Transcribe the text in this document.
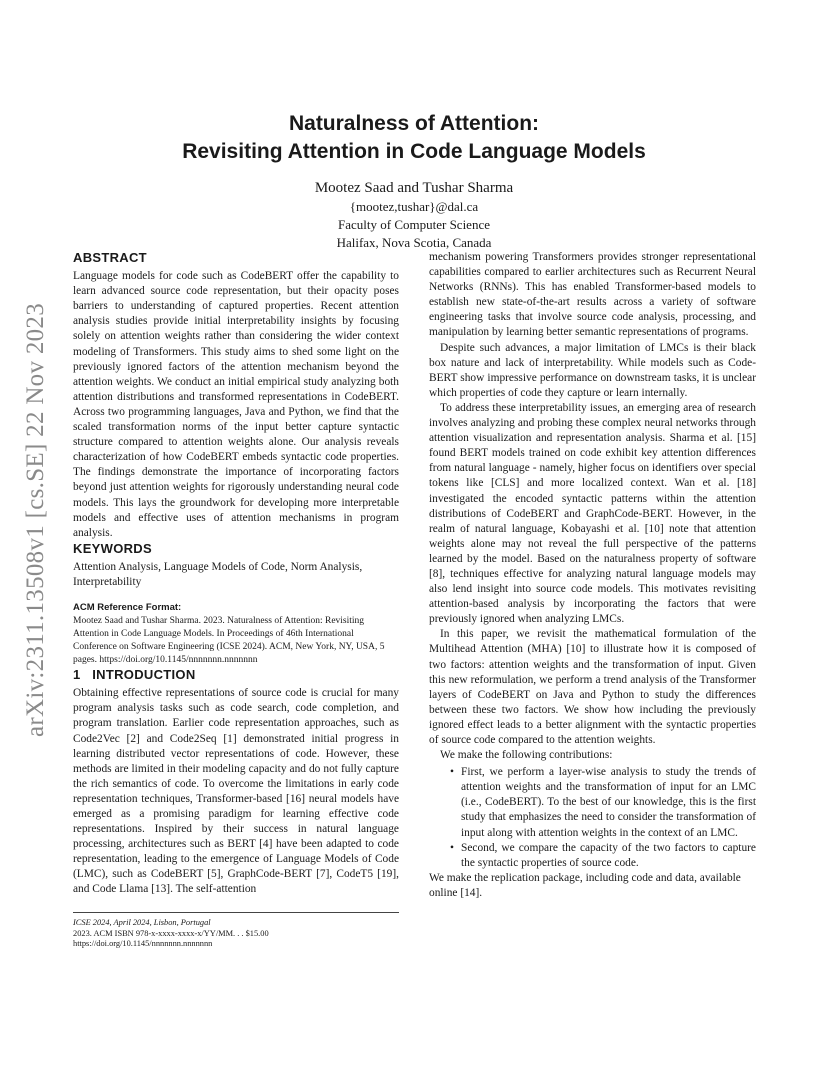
arXiv:2311.13508v1 [cs.SE] 22 Nov 2023
Naturalness of Attention:
Revisiting Attention in Code Language Models
Mootez Saad and Tushar Sharma
{mootez,tushar}@dal.ca
Faculty of Computer Science
Halifax, Nova Scotia, Canada
ABSTRACT

Language models for code such as CodeBERT offer the capability to learn advanced source code representation, but their opacity poses barriers to understanding of captured properties. Recent attention analysis studies provide initial interpretability insights by focusing solely on attention weights rather than considering the wider context modeling of Transformers. This study aims to shed some light on the previously ignored factors of the attention mechanism beyond the attention weights. We conduct an initial empirical study analyzing both attention distributions and transformed representations in CodeBERT. Across two programming languages, Java and Python, we find that the scaled transformation norms of the input better capture syntactic structure compared to attention weights alone. Our analysis reveals characterization of how CodeBERT embeds syntactic code properties. The findings demonstrate the importance of incorporating factors beyond just attention weights for rigorously understanding neural code models. This lays the groundwork for developing more interpretable models and effective uses of attention mechanisms in program analysis.

KEYWORDS

Attention Analysis, Language Models of Code, Norm Analysis, Interpretability

ACM Reference Format:
Mootez Saad and Tushar Sharma. 2023. Naturalness of Attention: Revisiting Attention in Code Language Models. In Proceedings of 46th International Conference on Software Engineering (ICSE 2024). ACM, New York, NY, USA, 5 pages. https://doi.org/10.1145/nnnnnnn.nnnnnnn
1   INTRODUCTION

Obtaining effective representations of source code is crucial for many program analysis tasks such as code search, code completion, and program translation. Earlier code representation approaches, such as Code2Vec [2] and Code2Seq [1] demonstrated initial progress in learning distributed vector representations of code. However, these methods are limited in their modeling capacity and do not fully capture the rich semantics of code. To overcome the limitations in early code representation techniques, Transformer-based [16] neural models have emerged as a promising paradigm for learning effective code representations. Inspired by their success in natural language processing, architectures such as BERT [4] have been adapted to code representation, leading to the emergence of Language Models of Code (LMC), such as CodeBERT [5], GraphCode-BERT [7], CodeT5 [19], and Code Llama [13]. The self-attention

mechanism powering Transformers provides stronger representational capabilities compared to earlier architectures such as Recurrent Neural Networks (RNNs). This has enabled Transformer-based models to establish new state-of-the-art results across a variety of software engineering tasks that involve source code analysis, processing, and manipulation by learning better semantic representations of programs.

Despite such advances, a major limitation of LMCs is their black box nature and lack of interpretability. While models such as Code-BERT show impressive performance on downstream tasks, it is unclear which properties of code they capture or learn internally.

To address these interpretability issues, an emerging area of research involves analyzing and probing these complex neural networks through attention visualization and representation analysis. Sharma et al. [15] found BERT models trained on code exhibit key attention differences from natural language - namely, higher focus on identifiers over special tokens like [CLS] and more localized context. Wan et al. [18] investigated the encoded syntactic patterns within the attention distributions of CodeBERT and GraphCode-BERT. However, in the realm of natural language, Kobayashi et al. [10] note that attention weights alone may not reveal the full perspective of the patterns learned by the model. Based on the naturalness property of software [8], techniques effective for analyzing natural language models may also lend insight into source code models. This motivates revisiting attention-based analysis by incorporating the factors that were previously ignored when analyzing LMCs.

In this paper, we revisit the mathematical formulation of the Multihead Attention (MHA) [10] to illustrate how it is composed of two factors: attention weights and the transformation of input. Given this new reformulation, we perform a trend analysis of the Transformer layers of CodeBERT on Java and Python to study the differences between these two factors. We show how including the previously ignored effect leads to a better alignment with the syntactic properties of source code compared to the attention weights.

We make the following contributions:

• First, we perform a layer-wise analysis to study the trends of attention weights and the transformation of input for an LMC (i.e., CodeBERT). To the best of our knowledge, this is the first study that emphasizes the need to consider the transformation of input along with attention weights in the context of an LMC.
• Second, we compare the capacity of the two factors to capture the syntactic properties of source code.

We make the replication package, including code and data, available online [14].

ICSE 2024, April 2024, Lisbon, Portugal
2023. ACM ISBN 978-x-xxxx-xxxx-x/YY/MM. . . $15.00
https://doi.org/10.1145/nnnnnnn.nnnnnnn
